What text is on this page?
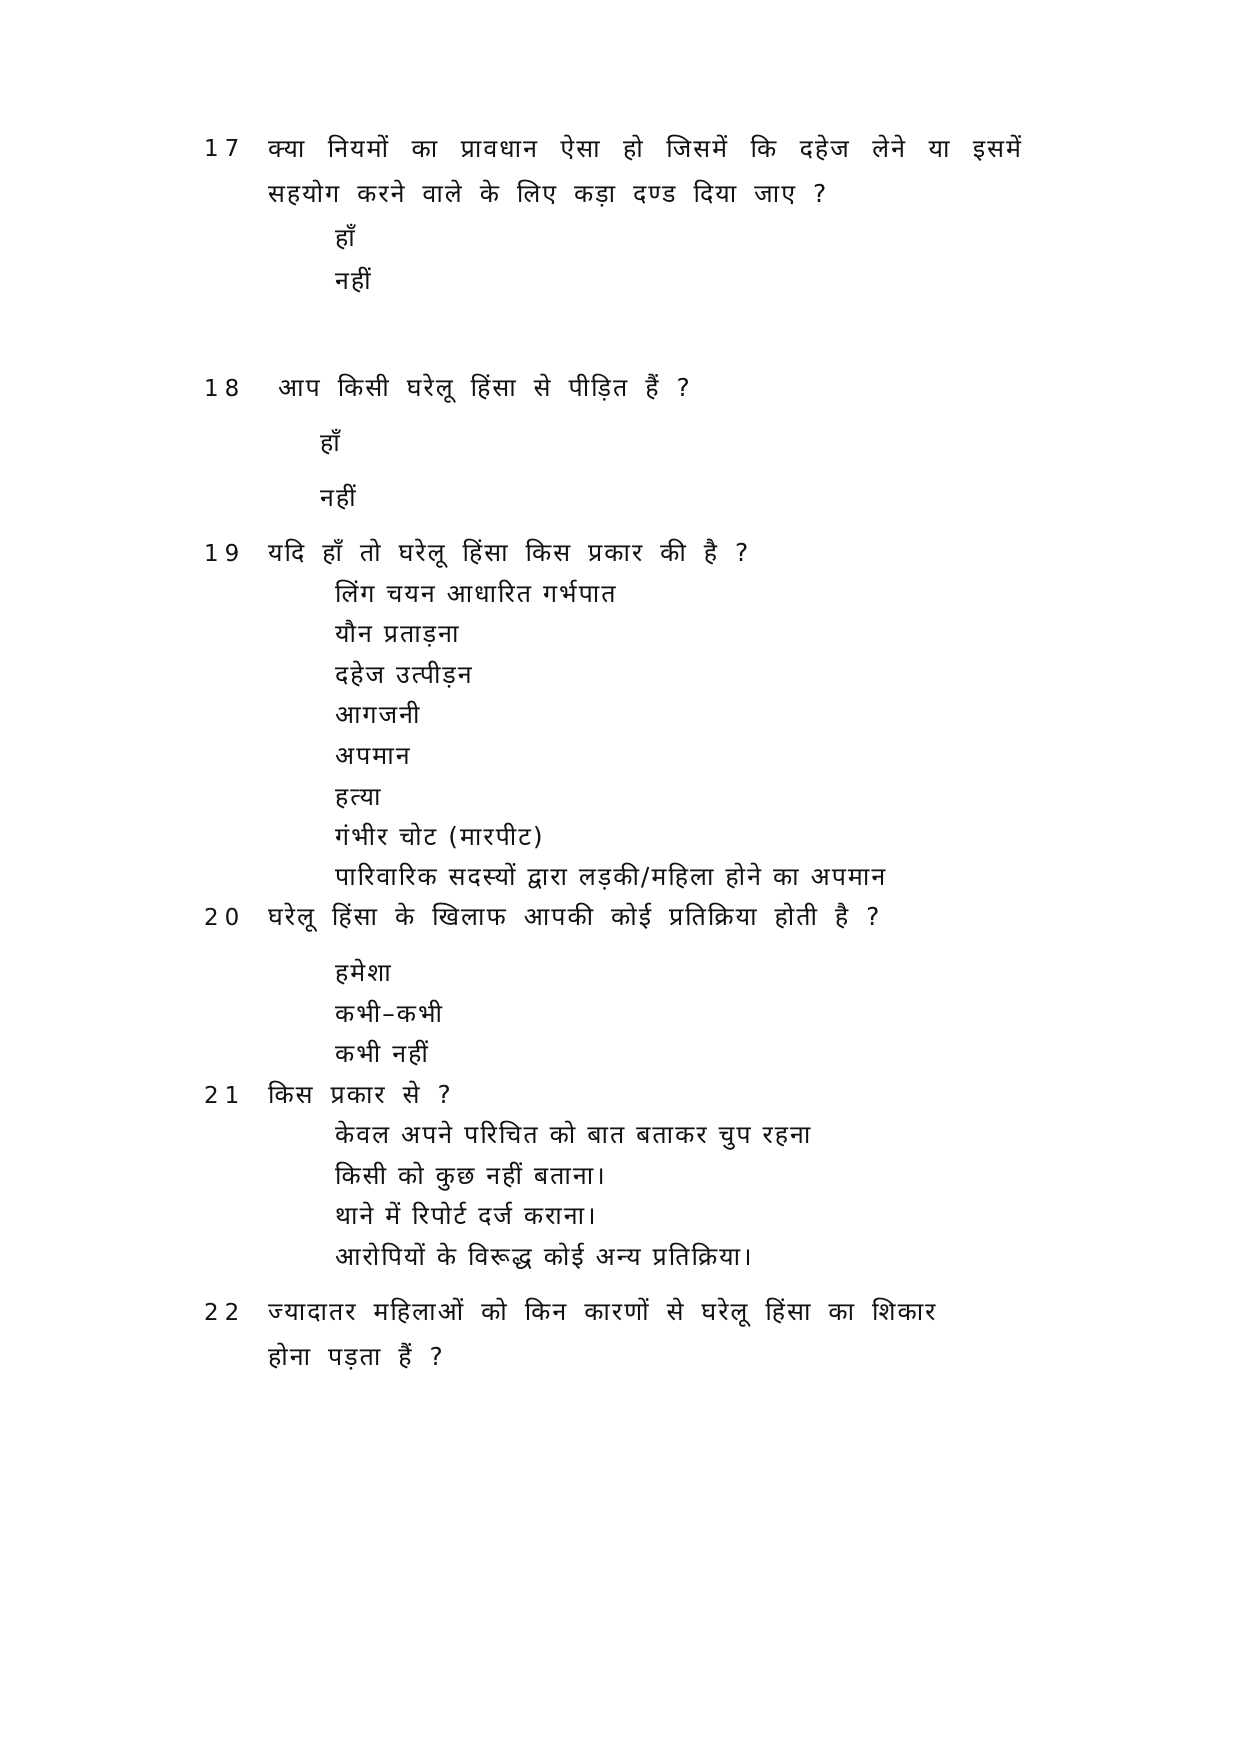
17 क्या नियमों का प्रावधान ऐसा हो जिसमें कि दहेज लेने या इसमें
सहयोग करने वाले के लिए कड़ा दण्ड दिया जाए ?
हाँ
नहीं
18 आप किसी घरेलू हिंसा से पीड़ित हैं ?
हाँ
नहीं
19 यदि हाँ तो घरेलू हिंसा किस प्रकार की है ?
लिंग चयन आधारित गर्भपात
यौन प्रताड़ना
दहेज उत्पीड़न
आगजनी
अपमान
हत्या
गंभीर चोट (मारपीट)
पारिवारिक सदस्यों द्वारा लड़की/महिला होने का अपमान
20 घरेलू हिंसा के खिलाफ आपकी कोई प्रतिक्रिया होती है ?
हमेशा
कभी–कभी
कभी नहीं
21 किस प्रकार से ?
केवल अपने परिचित को बात बताकर चुप रहना
किसी को कुछ नहीं बताना।
थाने में रिपोर्ट दर्ज कराना।
आरोपियों के विरूद्ध कोई अन्य प्रतिक्रिया।
22 ज्यादातर महिलाओं को किन कारणों से घरेलू हिंसा का शिकार
होना पड़ता हैं ?
